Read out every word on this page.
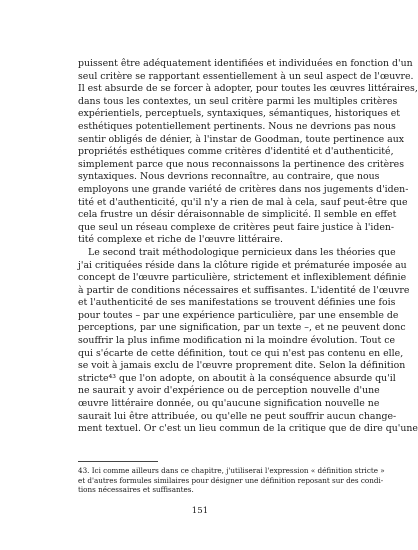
puissent être adéquatement identifiées et individuées en fonction d'un
seul critère se rapportant essentiellement à un seul aspect de l'œuvre.
Il est absurde de se forcer à adopter, pour toutes les œuvres littéraires,
dans tous les contextes, un seul critère parmi les multiples critères
expérientiels, perceptuels, syntaxiques, sémantiques, historiques et
esthétiques potentiellement pertinents. Nous ne devrions pas nous
sentir obligés de dénier, à l'instar de Goodman, toute pertinence aux
propriétés esthétiques comme critères d'identité et d'authenticité,
simplement parce que nous reconnaissons la pertinence des critères
syntaxiques. Nous devrions reconnaître, au contraire, que nous
employons une grande variété de critères dans nos jugements d'iden-
tité et d'authenticité, qu'il n'y a rien de mal à cela, sauf peut-être que
cela frustre un désir déraisonnable de simplicité. Il semble en effet
que seul un réseau complexe de critères peut faire justice à l'iden-
tité complexe et riche de l'œuvre littéraire.
Le second trait méthodologique pernicieux dans les théories que
j'ai critiquées réside dans la clôture rigide et prématurée imposée au
concept de l'œuvre particulière, strictement et inflexiblement définie
à partir de conditions nécessaires et suffisantes. L'identité de l'œuvre
et l'authenticité de ses manifestations se trouvent définies une fois
pour toutes – par une expérience particulière, par une ensemble de
perceptions, par une signification, par un texte –, et ne peuvent donc
souffrir la plus infime modification ni la moindre évolution. Tout ce
qui s'écarte de cette définition, tout ce qui n'est pas contenu en elle,
se voit à jamais exclu de l'œuvre proprement dite. Selon la définition
stricte⁴³ que l'on adopte, on aboutit à la conséquence absurde qu'il
ne saurait y avoir d'expérience ou de perception nouvelle d'une
œuvre littéraire donnée, ou qu'aucune signification nouvelle ne
saurait lui être attribuée, ou qu'elle ne peut souffrir aucun change-
ment textuel. Or c'est un lieu commun de la critique que de dire qu'une
43. Ici comme ailleurs dans ce chapitre, j'utiliserai l'expression « définition stricte »
et d'autres formules similaires pour désigner une définition reposant sur des condi-
tions nécessaires et suffisantes.
151
